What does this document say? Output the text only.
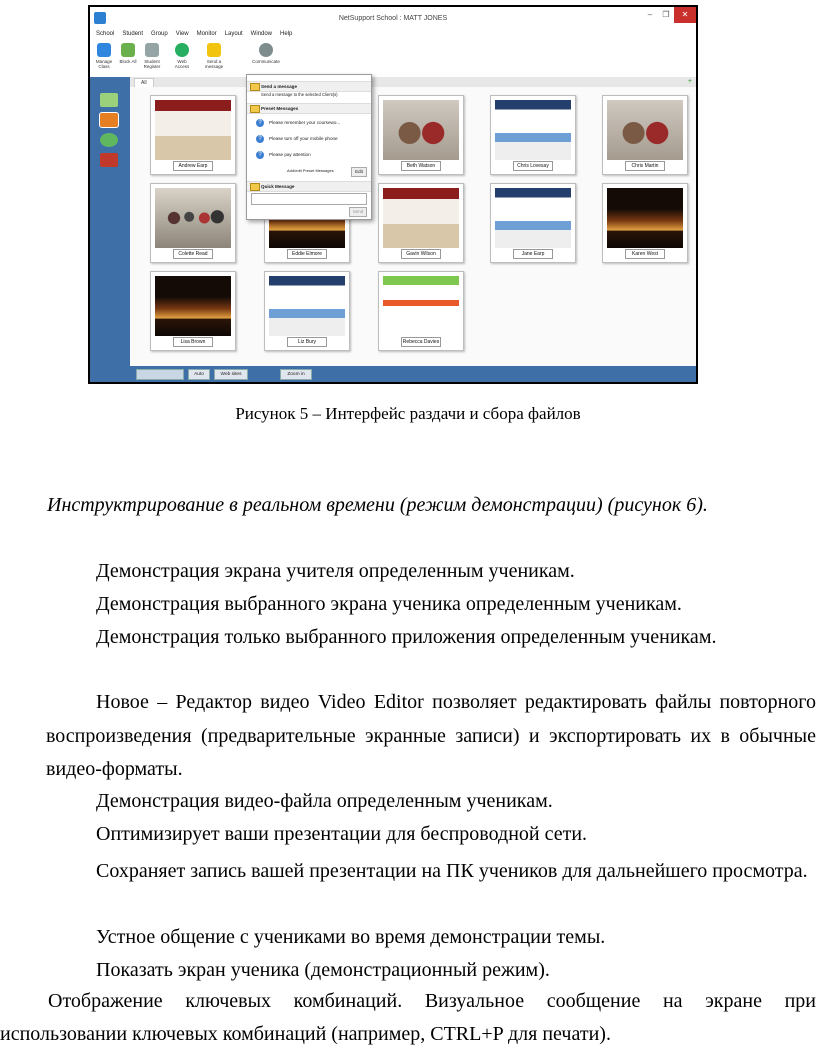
NetSupport School : MATT JONES	–	❐	✕
School Student Group View Monitor Layout Window Help
Manage Class
Block All	Student Register
Web Access
Send a message
Communicate
All	+
Andrew Earp	Beth Watson	Chris Lovesay	Chris Martin
Colette Read	Eddie Elmore	Gavin Wilson	Jane Earp	Karen West
Lisa Brown	Liz Bury	Rebecca Davies
Send a message
Send a message to the selected Client(s)
Preset Messages
?	Please remember your coursewo...
?	Please turn off your mobile phone
?	Please pay attention
Add/edit Preset Messages	Edit
Quick Message
Send
Auto	Web sites	Zoom in
Рисунок 5 – Интерфейс раздачи и сбора файлов
Инструктрирование в реальном времени (режим демонстрации) (рисунок 6).
Демонстрация экрана учителя определенным ученикам.
Демонстрация выбранного экрана ученика определенным ученикам.
Демонстрация только выбранного приложения определенным ученикам.
Новое – Редактор видео Video Editor позволяет редактировать файлы повторного воспроизведения (предварительные экранные записи) и экспортировать их в обычные видео-форматы.
Демонстрация видео-файла определенным ученикам.
Оптимизирует ваши презентации для беспроводной сети.
Сохраняет запись вашей презентации на ПК учеников для дальнейшего просмотра.
Устное общение с учениками во время демонстрации темы.
Показать экран ученика (демонстрационный режим).
Отображение ключевых комбинаций. Визуальное сообщение на экране при использовании ключевых комбинаций (например, CTRL+P для печати).
